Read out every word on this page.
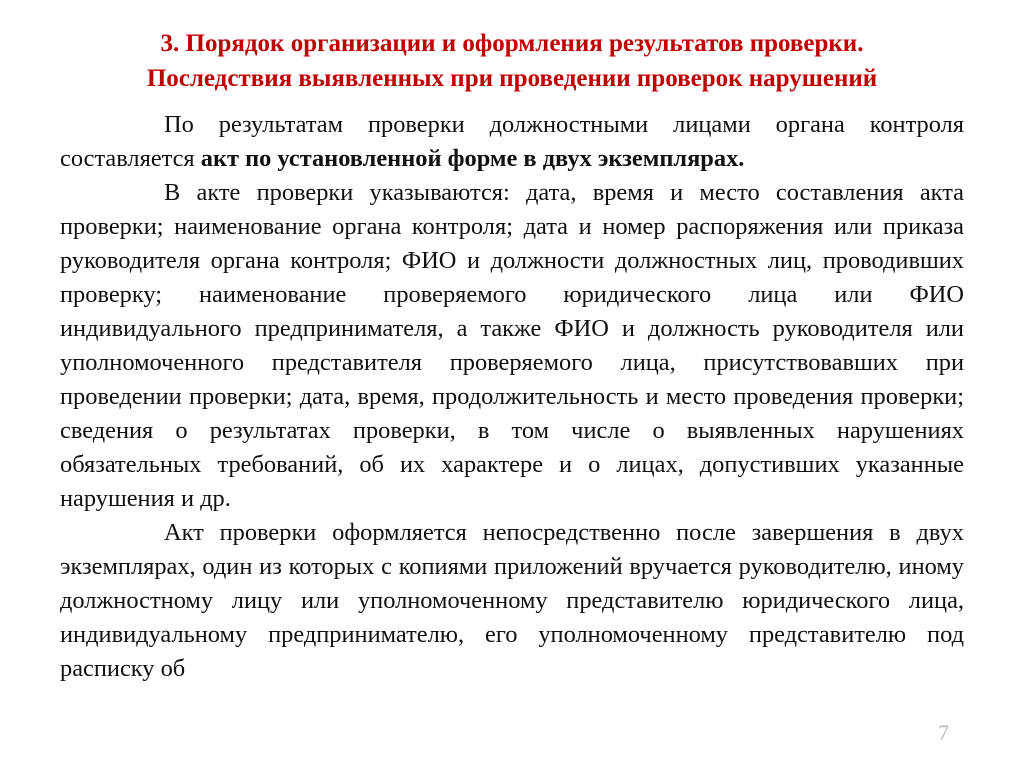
3. Порядок организации и оформления результатов проверки.
Последствия выявленных при проведении проверок нарушений

По результатам проверки должностными лицами органа контроля составляется акт по установленной форме в двух экземплярах.

В акте проверки указываются: дата, время и место составления акта проверки; наименование органа контроля; дата и номер распоряжения или приказа руководителя органа контроля; ФИО и должности должностных лиц, проводивших проверку; наименование проверяемого юридического лица или ФИО индивидуального предпринимателя, а также ФИО и должность руководителя или уполномоченного представителя проверяемого лица, присутствовавших при проведении проверки; дата, время, продолжительность и место проведения проверки; сведения о результатах проверки, в том числе о выявленных нарушениях обязательных требований, об их характере и о лицах, допустивших указанные нарушения и др.

Акт проверки оформляется непосредственно после завершения в двух экземплярах, один из которых с копиями приложений вручается руководителю, иному должностному лицу или уполномоченному представителю юридического лица, индивидуальному предпринимателю, его уполномоченному представителю под расписку об

7
